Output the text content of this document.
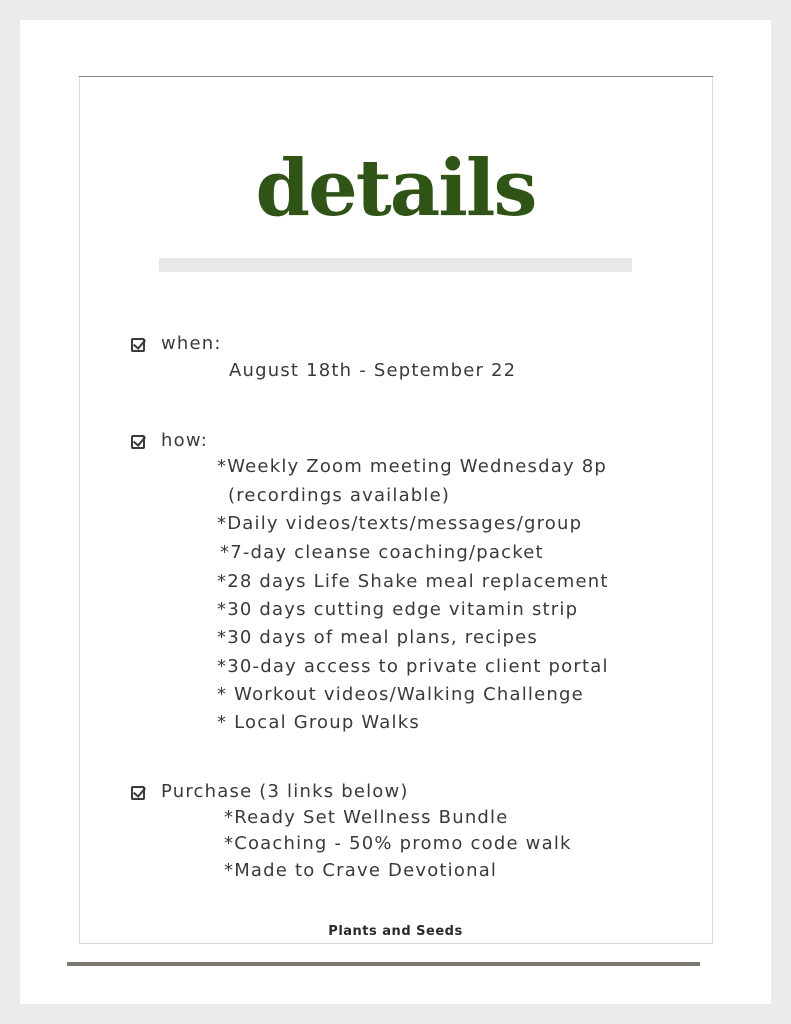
details
when:
August 18th - September 22
how:
*Weekly Zoom meeting Wednesday 8p
(recordings available)
*Daily videos/texts/messages/group
*7-day cleanse coaching/packet
*28 days Life Shake meal replacement
*30 days cutting edge vitamin strip
*30 days of meal plans, recipes
*30-day access to private client portal
* Workout videos/Walking Challenge
* Local Group Walks
Purchase (3 links below)
*Ready Set Wellness Bundle
*Coaching - 50% promo code walk
*Made to Crave Devotional
Plants and Seeds
